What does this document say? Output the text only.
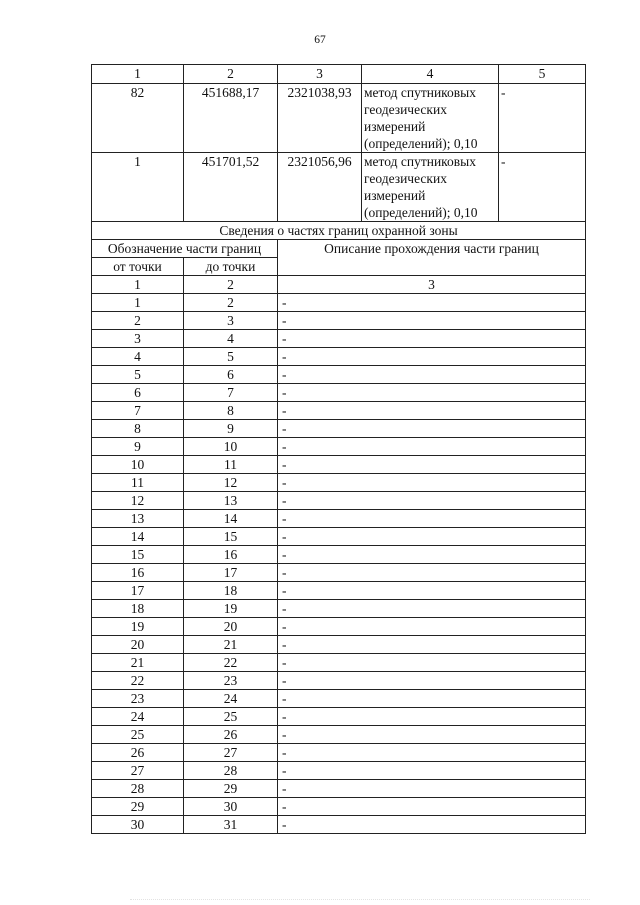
67
1	2	3	4	5
82	451688,17	2321038,93	метод спутниковых геодезических измерений (определений); 0,10	-
1	451701,52	2321056,96	метод спутниковых геодезических измерений (определений); 0,10	-
Сведения о частях границ охранной зоны				
Обозначение части границ		Описание прохождения части границ		
от точки	до точки			
1	2	3		
1	2	-		
2	3	-		
3	4	-		
4	5	-		
5	6	-		
6	7	-		
7	8	-		
8	9	-		
9	10	-		
10	11	-		
11	12	-		
12	13	-		
13	14	-		
14	15	-		
15	16	-		
16	17	-		
17	18	-		
18	19	-		
19	20	-		
20	21	-		
21	22	-		
22	23	-		
23	24	-		
24	25	-		
25	26	-		
26	27	-		
27	28	-		
28	29	-		
29	30	-		
30	31	-		
